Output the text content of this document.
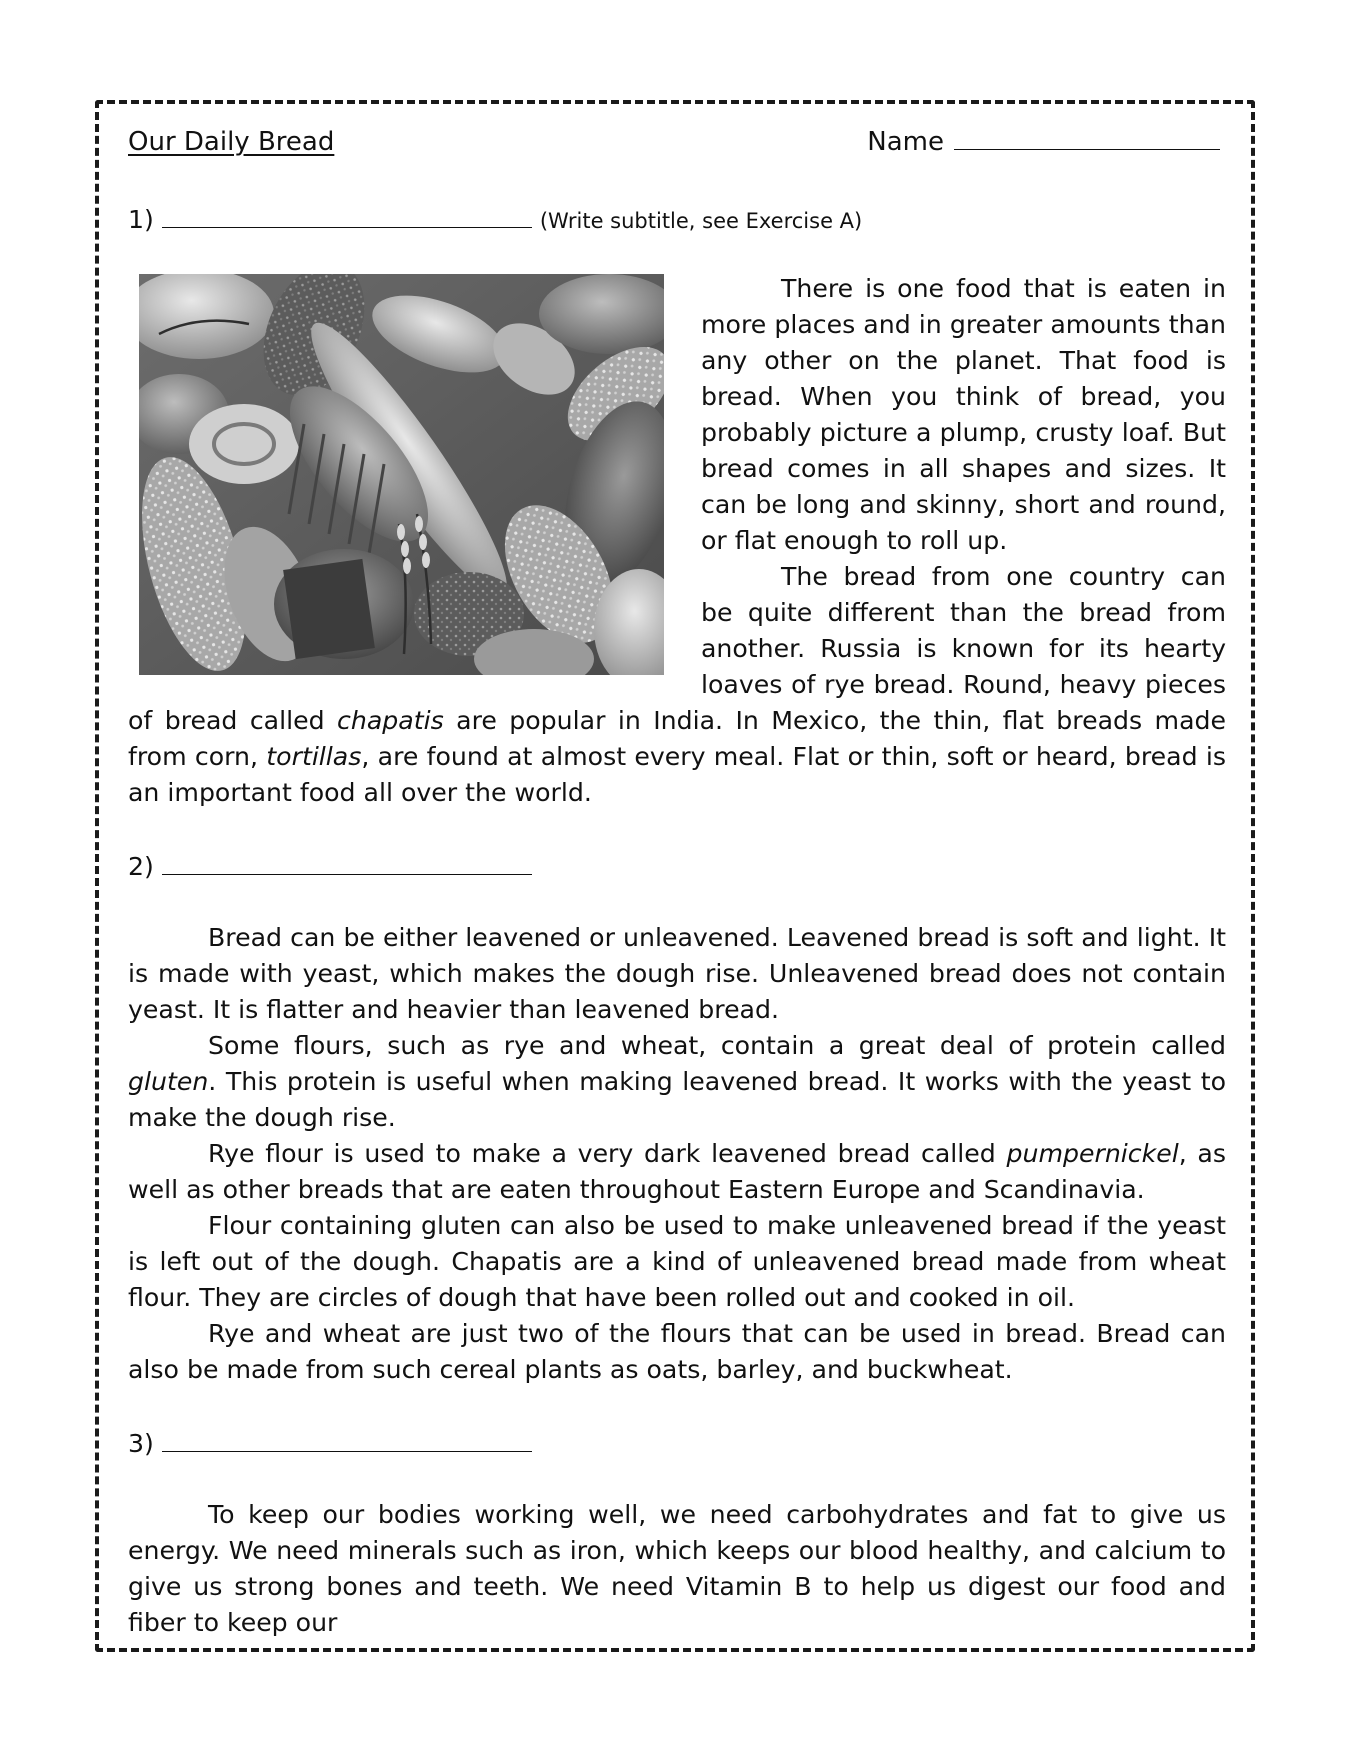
Our Daily Bread	Name
1)	(Write subtitle, see Exercise A)

There is one food that is eaten in more places and in greater amounts than any other on the planet. That food is bread. When you think of bread, you probably picture a plump, crusty loaf. But bread comes in all shapes and sizes. It can be long and skinny, short and round, or flat enough to roll up.

The bread from one country can be quite different than the bread from another. Russia is known for its hearty loaves of rye bread. Round, heavy pieces of bread called chapatis are popular in India. In Mexico, the thin, flat breads made from corn, tortillas, are found at almost every meal. Flat or thin, soft or heard, bread is an important food all over the world.

2)

Bread can be either leavened or unleavened. Leavened bread is soft and light. It is made with yeast, which makes the dough rise. Unleavened bread does not contain yeast. It is flatter and heavier than leavened bread.

Some flours, such as rye and wheat, contain a great deal of protein called gluten. This protein is useful when making leavened bread. It works with the yeast to make the dough rise.

Rye flour is used to make a very dark leavened bread called pumpernickel, as well as other breads that are eaten throughout Eastern Europe and Scandinavia.

Flour containing gluten can also be used to make unleavened bread if the yeast is left out of the dough. Chapatis are a kind of unleavened bread made from wheat flour. They are circles of dough that have been rolled out and cooked in oil.

Rye and wheat are just two of the flours that can be used in bread. Bread can also be made from such cereal plants as oats, barley, and buckwheat.

3)

To keep our bodies working well, we need carbohydrates and fat to give us energy. We need minerals such as iron, which keeps our blood healthy, and calcium to give us strong bones and teeth. We need Vitamin B to help us digest our food and fiber to keep our
